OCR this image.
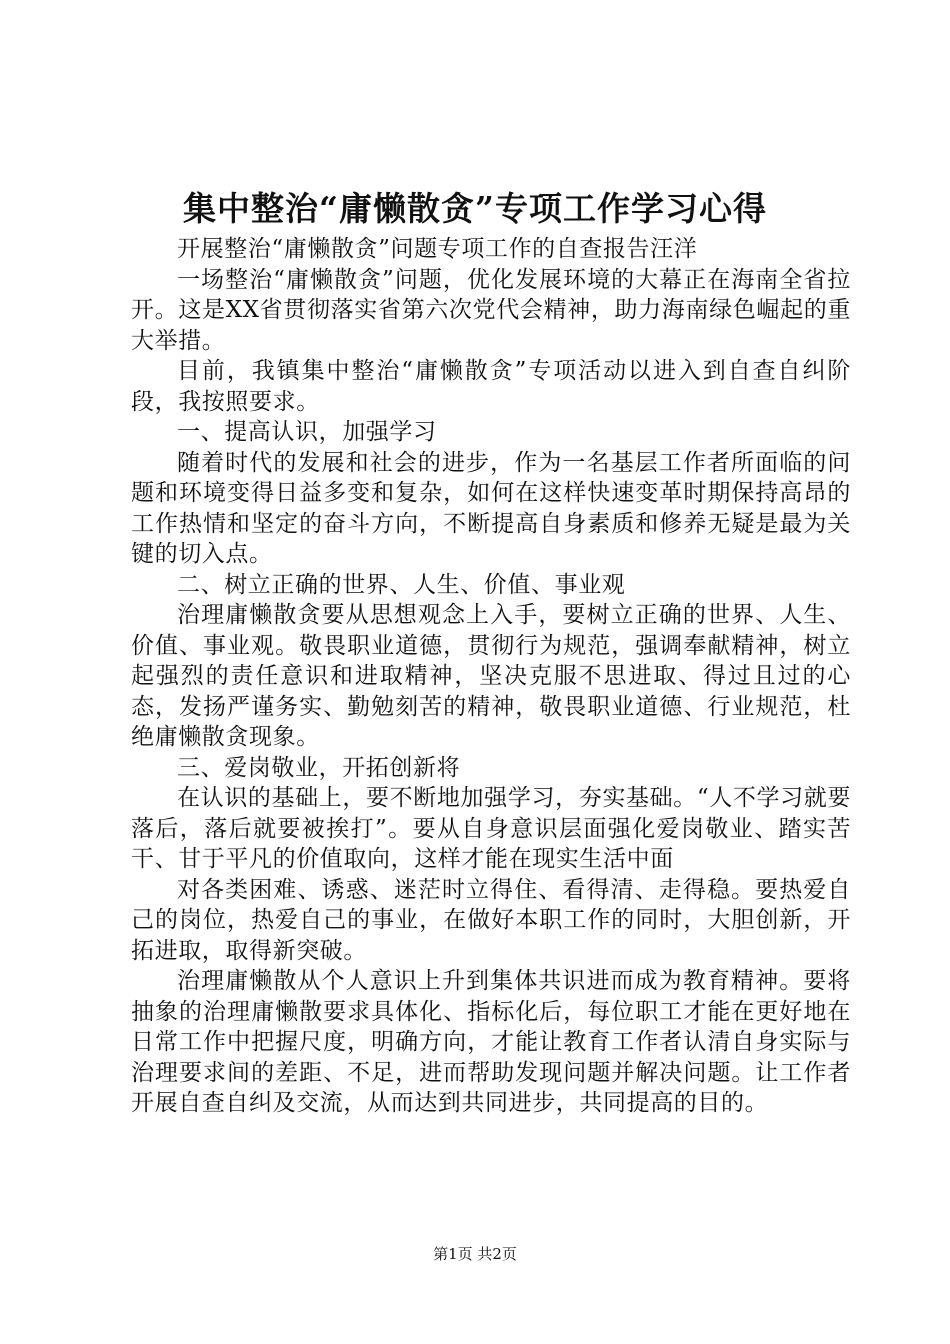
集中整治“庸懒散贪”专项工作学习心得

开展整治“庸懒散贪”问题专项工作的自查报告汪洋

一场整治“庸懒散贪”问题，优化发展环境的大幕正在海南全省拉开。这是XX省贯彻落实省第六次党代会精神，助力海南绿色崛起的重大举措。

目前，我镇集中整治“庸懒散贪”专项活动以进入到自查自纠阶段，我按照要求。

一、提高认识，加强学习

随着时代的发展和社会的进步，作为一名基层工作者所面临的问题和环境变得日益多变和复杂，如何在这样快速变革时期保持高昂的工作热情和坚定的奋斗方向，不断提高自身素质和修养无疑是最为关键的切入点。

二、树立正确的世界、人生、价值、事业观

治理庸懒散贪要从思想观念上入手，要树立正确的世界、人生、价值、事业观。敬畏职业道德，贯彻行为规范，强调奉献精神，树立起强烈的责任意识和进取精神，坚决克服不思进取、得过且过的心态，发扬严谨务实、勤勉刻苦的精神，敬畏职业道德、行业规范，杜绝庸懒散贪现象。

三、爱岗敬业，开拓创新将

在认识的基础上，要不断地加强学习，夯实基础。“人不学习就要落后，落后就要被挨打”。要从自身意识层面强化爱岗敬业、踏实苦干、甘于平凡的价值取向，这样才能在现实生活中面

对各类困难、诱惑、迷茫时立得住、看得清、走得稳。要热爱自己的岗位，热爱自己的事业，在做好本职工作的同时，大胆创新，开拓进取，取得新突破。

治理庸懒散从个人意识上升到集体共识进而成为教育精神。要将抽象的治理庸懒散要求具体化、指标化后，每位职工才能在更好地在日常工作中把握尺度，明确方向，才能让教育工作者认清自身实际与治理要求间的差距、不足，进而帮助发现问题并解决问题。让工作者开展自查自纠及交流，从而达到共同进步，共同提高的目的。

第1页 共2页
